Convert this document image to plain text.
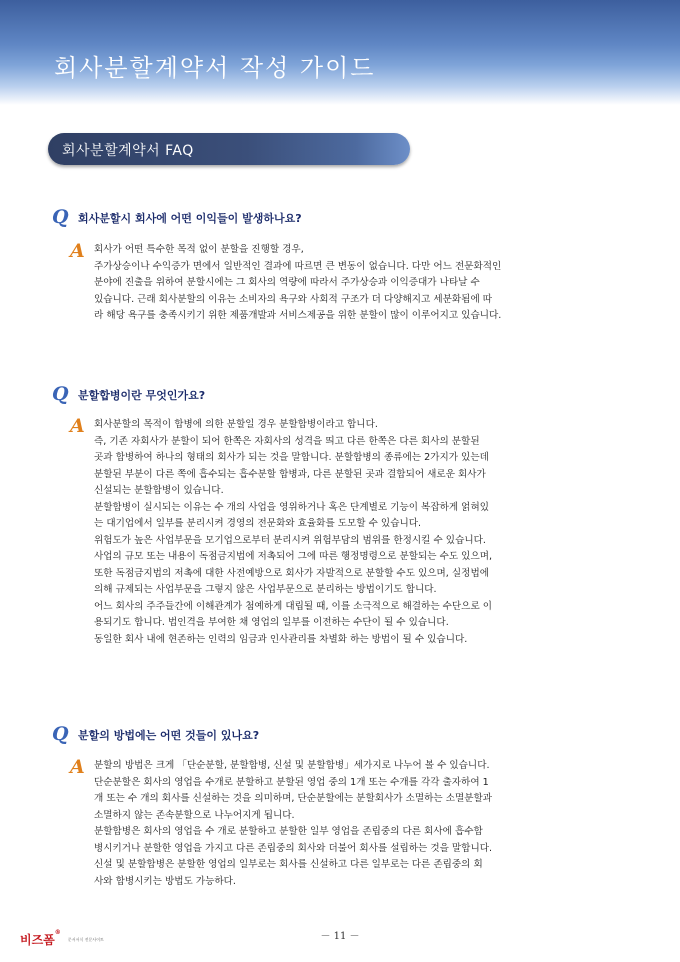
회사분할계약서 작성 가이드
회사분할계약서 FAQ
Q 회사분할시 회사에 어떤 이익들이 발생하나요?
A 회사가 어떤 특수한 목적 없이 분할을 진행할 경우,

주가상승이나 수익증가 면에서 일반적인 결과에 따르면 큰 변동이 없습니다. 다만 어느 전문화적인

분야에 진출을 위하여 분할시에는 그 회사의 역량에 따라서 주가상승과 이익증대가 나타날 수

있습니다. 근래 회사분할의 이유는 소비자의 욕구와 사회적 구조가 더 다양해지고 세분화됨에 따

라 해당 욕구를 충족시키기 위한 제품개발과 서비스제공을 위한 분할이 많이 이루어지고 있습니다.

Q 분할합병이란 무엇인가요?
A 회사분할의 목적이 합병에 의한 분할일 경우 분할합병이라고 합니다.

즉, 기존 자회사가 분할이 되어 한쪽은 자회사의 성격을 띄고 다른 한쪽은 다른 회사의 분할된

곳과 합병하여 하나의 형태의 회사가 되는 것을 말합니다. 분할합병의 종류에는 2가지가 있는데

분할된 부분이 다른 쪽에 흡수되는 흡수분할 합병과, 다른 분할된 곳과 결합되어 새로운 회사가

신설되는 분할합병이 있습니다.

분할합병이 실시되는 이유는 수 개의 사업을 영위하거나 혹은 단계별로 기능이 복잡하게 얽혀있

는 대기업에서 일부를 분리시켜 경영의 전문화와 효율화를 도모할 수 있습니다.

위험도가 높은 사업부문을 모기업으로부터 분리시켜 위험부담의 범위를 한정시킬 수 있습니다.

사업의 규모 또는 내용이 독점금지법에 저촉되어 그에 따른 행정명령으로 분할되는 수도 있으며,

또한 독점금지법의 저촉에 대한 사전예방으로 회사가 자발적으로 분할할 수도 있으며, 실정법에

의해 규제되는 사업부문을 그렇지 않은 사업부문으로 분리하는 방법이기도 합니다.

어느 회사의 주주들간에 이해관계가 첨예하게 대립될 때, 이를 소극적으로 해결하는 수단으로 이

용되기도 합니다. 법인격을 부여한 채 영업의 일부를 이전하는 수단이 될 수 있습니다.

동일한 회사 내에 현존하는 인력의 임금과 인사관리를 차별화 하는 방법이 될 수 있습니다.

Q 분할의 방법에는 어떤 것들이 있나요?
A 분할의 방법은 크게 「단순분할, 분할합병, 신설 및 분할합병」세가지로 나누어 볼 수 있습니다.

단순분할은 회사의 영업을 수개로 분할하고 분할된 영업 중의 1개 또는 수개를 각각 출자하여 1

개 또는 수 개의 회사를 신설하는 것을 의미하며, 단순분할에는 분할회사가 소멸하는 소멸분할과

소멸하지 않는 존속분할으로 나누어지게 됩니다.

분할합병은 회사의 영업을 수 개로 분할하고 분할한 일부 영업을 존립중의 다른 회사에 흡수합

병시키거나 분할한 영업을 가지고 다른 존립중의 회사와 더불어 회사를 설립하는 것을 말합니다.

신설 및 분할합병은 분할한 영업의 일부로는 회사를 신설하고 다른 일부로는 다른 존립중의 회

사와 합병시키는 방법도 가능하다.

－ 11 －
비즈폼® 문서서식 전문사이트
